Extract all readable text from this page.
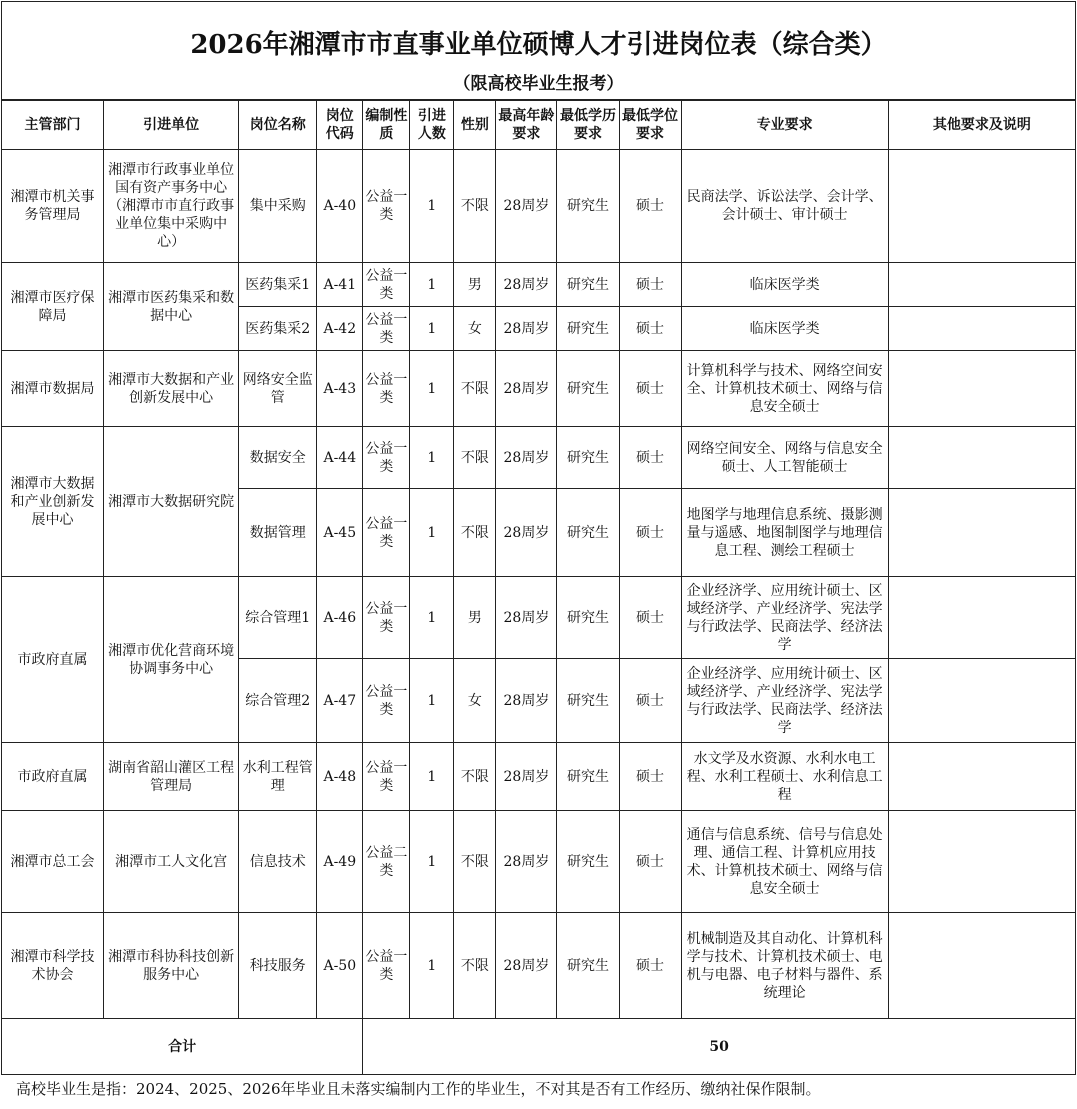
2026年湘潭市市直事业单位硕博人才引进岗位表（综合类）
（限高校毕业生报考）
主管部门	引进单位	岗位名称	岗位代码	编制性质	引进人数	性别	最高年龄要求	最低学历要求	最低学位要求	专业要求	其他要求及说明
湘潭市机关事务管理局	湘潭市行政事业单位国有资产事务中心（湘潭市市直行政事业单位集中采购中心）	集中采购	A-40	公益一类	1	不限	28周岁	研究生	硕士	民商法学、诉讼法学、会计学、会计硕士、审计硕士	
湘潭市医疗保障局	湘潭市医药集采和数据中心	医药集采1	A-41	公益一类	1	男	28周岁	研究生	硕士	临床医学类	
		医药集采2	A-42	公益一类	1	女	28周岁	研究生	硕士	临床医学类	
湘潭市数据局	湘潭市大数据和产业创新发展中心	网络安全监管	A-43	公益一类	1	不限	28周岁	研究生	硕士	计算机科学与技术、网络空间安全、计算机技术硕士、网络与信息安全硕士	
湘潭市大数据和产业创新发展中心	湘潭市大数据研究院	数据安全	A-44	公益一类	1	不限	28周岁	研究生	硕士	网络空间安全、网络与信息安全硕士、人工智能硕士	
		数据管理	A-45	公益一类	1	不限	28周岁	研究生	硕士	地图学与地理信息系统、摄影测量与遥感、地图制图学与地理信息工程、测绘工程硕士	
市政府直属	湘潭市优化营商环境协调事务中心	综合管理1	A-46	公益一类	1	男	28周岁	研究生	硕士	企业经济学、应用统计硕士、区域经济学、产业经济学、宪法学与行政法学、民商法学、经济法学	
		综合管理2	A-47	公益一类	1	女	28周岁	研究生	硕士	企业经济学、应用统计硕士、区域经济学、产业经济学、宪法学与行政法学、民商法学、经济法学	
市政府直属	湖南省韶山灌区工程管理局	水利工程管理	A-48	公益一类	1	不限	28周岁	研究生	硕士	水文学及水资源、水利水电工程、水利工程硕士、水利信息工程	
湘潭市总工会	湘潭市工人文化宫	信息技术	A-49	公益二类	1	不限	28周岁	研究生	硕士	通信与信息系统、信号与信息处理、通信工程、计算机应用技术、计算机技术硕士、网络与信息安全硕士	
湘潭市科学技术协会	湘潭市科协科技创新服务中心	科技服务	A-50	公益一类	1	不限	28周岁	研究生	硕士	机械制造及其自动化、计算机科学与技术、计算机技术硕士、电机与电器、电子材料与器件、系统理论	
合计				50							
高校毕业生是指：2024、2025、2026年毕业且未落实编制内工作的毕业生，不对其是否有工作经历、缴纳社保作限制。
